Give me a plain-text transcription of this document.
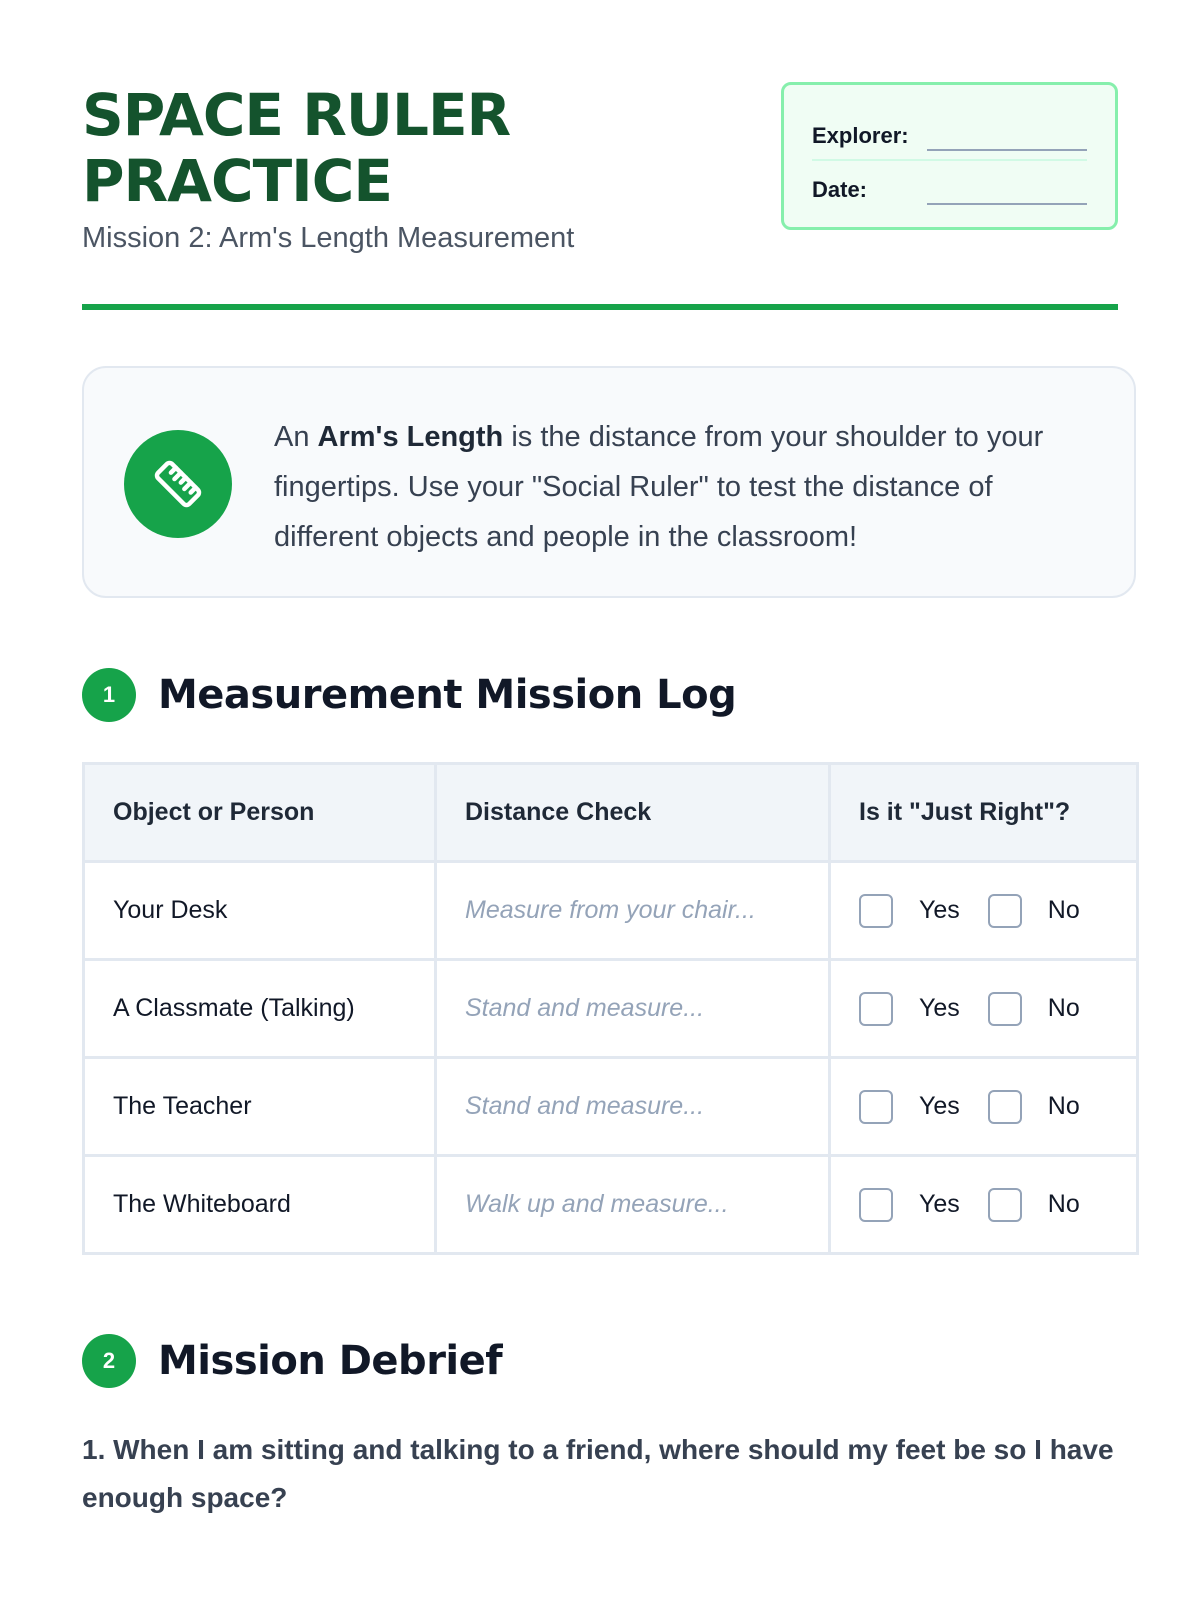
SPACE RULER PRACTICE
Mission 2: Arm's Length Measurement
Explorer:
Date:

An Arm's Length is the distance from your shoulder to your fingertips. Use your "Social Ruler" to test the distance of different objects and people in the classroom!

1	Measurement Mission Log
Object or Person	Distance Check	Is it "Just Right"?
Your Desk	Measure from your chair...	Yes No

A Classmate (Talking)	Stand and measure...	Yes No

The Teacher	Stand and measure...	Yes No

The Whiteboard	Walk up and measure...	Yes No
2	Mission Debrief

1. When I am sitting and talking to a friend, where should my feet be so I have enough space?
